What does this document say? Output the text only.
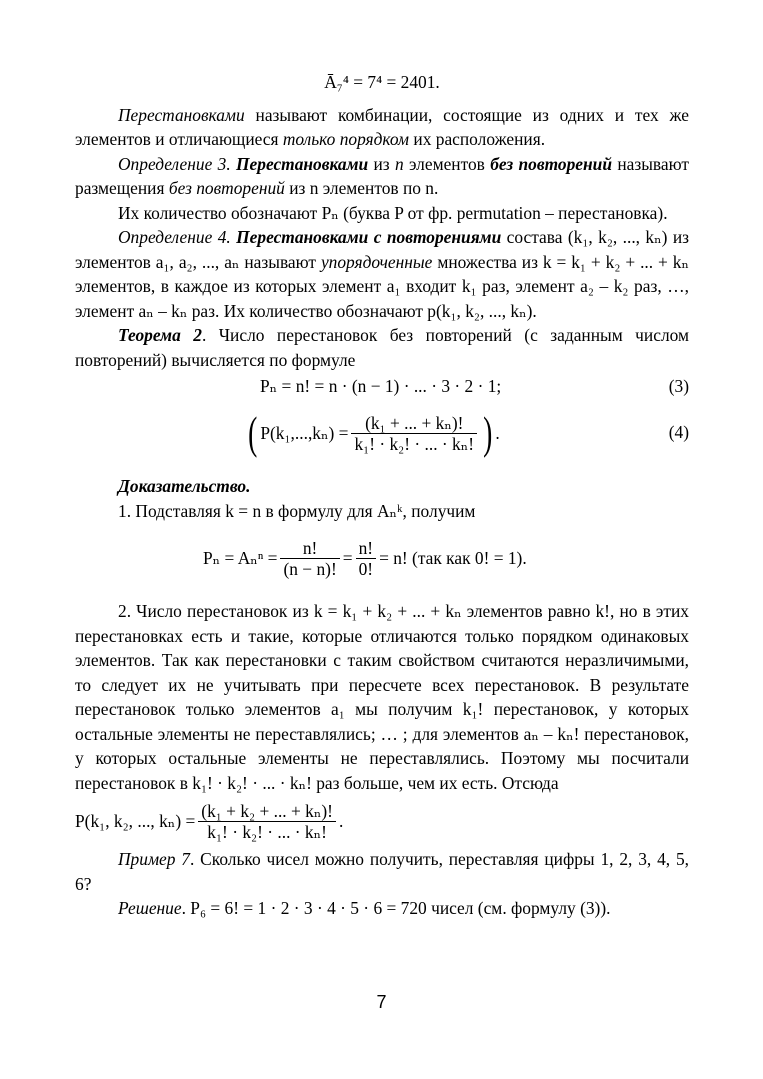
Ā₇⁴ = 7⁴ = 2401.

Перестановками называют комбинации, состоящие из одних и тех же элементов и отличающиеся только порядком их расположения.

Определение 3. Перестановками из n элементов без повторений называют размещения без повторений из n элементов по n.

Их количество обозначают Pₙ (буква P от фр. permutation – перестановка).

Определение 4. Перестановками с повторениями состава (k₁, k₂, ..., kₙ) из элементов a₁, a₂, ..., aₙ называют упорядоченные множества из k = k₁ + k₂ + ... + kₙ элементов, в каждое из которых элемент a₁ входит k₁ раз, элемент a₂ – k₂ раз, …, элемент aₙ – kₙ раз. Их количество обозначают p(k₁, k₂, ..., kₙ).

Теорема 2. Число перестановок без повторений (с заданным числом повторений) вычисляется по формуле

Pₙ = n! = n · (n − 1) · ... · 3 · 2 · 1;	(3)
( $P(k_1,...,k_n) = \frac{\text{(k₁ + ... + kₙ)!}}{\text{k₁! · k₂! · ... · kₙ!}}$ ) .	(4)

Доказательство.

1. Подставляя k = n в формулу для Aₙᵏ, получим

$P_n = A_n^n = \frac{n!}{(n - n)!} = \frac{n!}{0!} = n$! (так как 0! = 1).

2. Число перестановок из k = k₁ + k₂ + ... + kₙ элементов равно k!, но в этих перестановках есть и такие, которые отличаются только порядком одинаковых элементов. Так как перестановки с таким свойством считаются неразличимыми, то следует их не учитывать при пересчете всех перестановок. В результате перестановок только элементов a₁ мы получим k₁! перестановок, у которых остальные элементы не переставлялись; … ; для элементов aₙ – kₙ! перестановок, у которых остальные элементы не переставлялись. Поэтому мы посчитали перестановок в k₁! · k₂! · ... · kₙ! раз больше, чем их есть. Отсюда

P(k₁, k₂, ..., $k_n) = \frac{\text{(k₁ + k₂ + ... + kₙ)!}}{\text{k₁! · k₂! · ... · kₙ!}}$ .

Пример 7. Сколько чисел можно получить, переставляя цифры 1, 2, 3, 4, 5, 6?

Решение. P₆ = 6! = 1 · 2 · 3 · 4 · 5 · 6 = 720 чисел (см. формулу (3)).

7
